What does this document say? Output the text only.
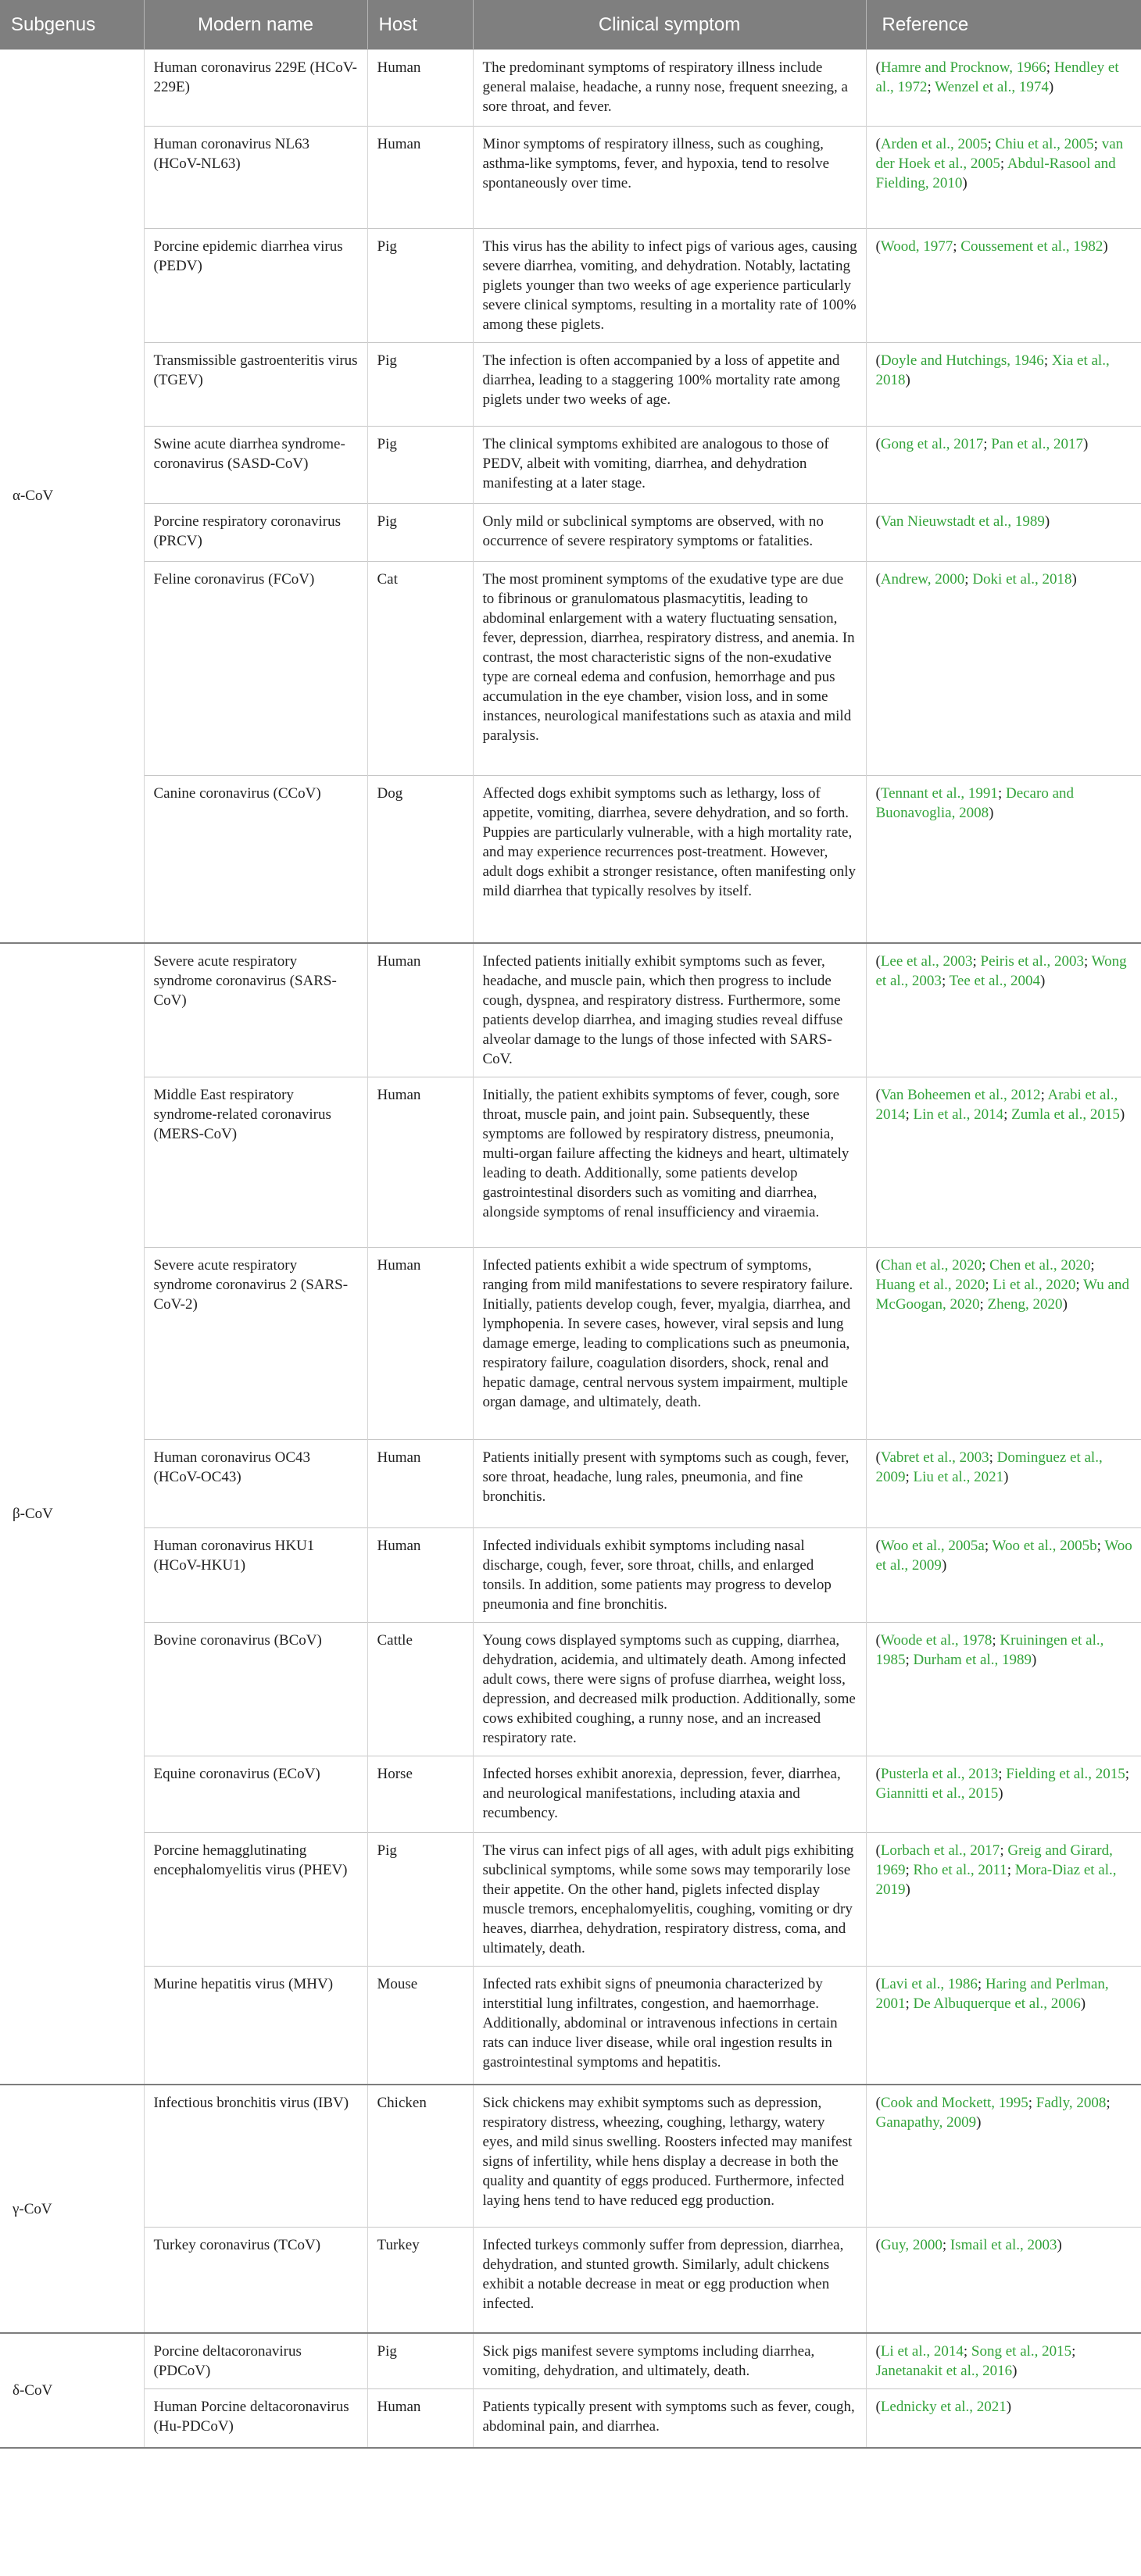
Subgenus	Modern name	Host	Clinical symptom	Reference
α-CoV	Human coronavirus 229E (HCoV-229E)	Human	The predominant symptoms of respiratory illness include general malaise, headache, a runny nose, frequent sneezing, a sore throat, and fever.	(Hamre and Procknow, 1966; Hendley et al., 1972; Wenzel et al., 1974)
	Human coronavirus NL63 (HCoV-NL63)	Human	Minor symptoms of respiratory illness, such as coughing, asthma-like symptoms, fever, and hypoxia, tend to resolve spontaneously over time.	(Arden et al., 2005; Chiu et al., 2005; van der Hoek et al., 2005; Abdul-Rasool and Fielding, 2010)
	Porcine epidemic diarrhea virus (PEDV)	Pig	This virus has the ability to infect pigs of various ages, causing severe diarrhea, vomiting, and dehydration. Notably, lactating piglets younger than two weeks of age experience particularly severe clinical symptoms, resulting in a mortality rate of 100% among these piglets.	(Wood, 1977; Coussement et al., 1982)
	Transmissible gastroenteritis virus (TGEV)	Pig	The infection is often accompanied by a loss of appetite and diarrhea, leading to a staggering 100% mortality rate among piglets under two weeks of age.	(Doyle and Hutchings, 1946; Xia et al., 2018)
	Swine acute diarrhea syndrome-coronavirus (SASD-CoV)	Pig	The clinical symptoms exhibited are analogous to those of PEDV, albeit with vomiting, diarrhea, and dehydration manifesting at a later stage.	(Gong et al., 2017; Pan et al., 2017)
	Porcine respiratory coronavirus (PRCV)	Pig	Only mild or subclinical symptoms are observed, with no occurrence of severe respiratory symptoms or fatalities.	(Van Nieuwstadt et al., 1989)
	Feline coronavirus (FCoV)	Cat	The most prominent symptoms of the exudative type are due to fibrinous or granulomatous plasmacytitis, leading to abdominal enlargement with a watery fluctuating sensation, fever, depression, diarrhea, respiratory distress, and anemia. In contrast, the most characteristic signs of the non-exudative type are corneal edema and confusion, hemorrhage and pus accumulation in the eye chamber, vision loss, and in some instances, neurological manifestations such as ataxia and mild paralysis.	(Andrew, 2000; Doki et al., 2018)
	Canine coronavirus (CCoV)	Dog	Affected dogs exhibit symptoms such as lethargy, loss of appetite, vomiting, diarrhea, severe dehydration, and so forth. Puppies are particularly vulnerable, with a high mortality rate, and may experience recurrences post-treatment. However, adult dogs exhibit a stronger resistance, often manifesting only mild diarrhea that typically resolves by itself.	(Tennant et al., 1991; Decaro and Buonavoglia, 2008)
β-CoV	Severe acute respiratory syndrome coronavirus (SARS-CoV)	Human	Infected patients initially exhibit symptoms such as fever, headache, and muscle pain, which then progress to include cough, dyspnea, and respiratory distress. Furthermore, some patients develop diarrhea, and imaging studies reveal diffuse alveolar damage to the lungs of those infected with SARS-CoV.	(Lee et al., 2003; Peiris et al., 2003; Wong et al., 2003; Tee et al., 2004)
	Middle East respiratory syndrome-related coronavirus (MERS-CoV)	Human	Initially, the patient exhibits symptoms of fever, cough, sore throat, muscle pain, and joint pain. Subsequently, these symptoms are followed by respiratory distress, pneumonia, multi-organ failure affecting the kidneys and heart, ultimately leading to death. Additionally, some patients develop gastrointestinal disorders such as vomiting and diarrhea, alongside symptoms of renal insufficiency and viraemia.	(Van Boheemen et al., 2012; Arabi et al., 2014; Lin et al., 2014; Zumla et al., 2015)
	Severe acute respiratory syndrome coronavirus 2 (SARS-CoV-2)	Human	Infected patients exhibit a wide spectrum of symptoms, ranging from mild manifestations to severe respiratory failure. Initially, patients develop cough, fever, myalgia, diarrhea, and lymphopenia. In severe cases, however, viral sepsis and lung damage emerge, leading to complications such as pneumonia, respiratory failure, coagulation disorders, shock, renal and hepatic damage, central nervous system impairment, multiple organ damage, and ultimately, death.	(Chan et al., 2020; Chen et al., 2020; Huang et al., 2020; Li et al., 2020; Wu and McGoogan, 2020; Zheng, 2020)
	Human coronavirus OC43 (HCoV-OC43)	Human	Patients initially present with symptoms such as cough, fever, sore throat, headache, lung rales, pneumonia, and fine bronchitis.	(Vabret et al., 2003; Dominguez et al., 2009; Liu et al., 2021)
	Human coronavirus HKU1 (HCoV-HKU1)	Human	Infected individuals exhibit symptoms including nasal discharge, cough, fever, sore throat, chills, and enlarged tonsils. In addition, some patients may progress to develop pneumonia and fine bronchitis.	(Woo et al., 2005a; Woo et al., 2005b; Woo et al., 2009)
	Bovine coronavirus (BCoV)	Cattle	Young cows displayed symptoms such as cupping, diarrhea, dehydration, acidemia, and ultimately death. Among infected adult cows, there were signs of profuse diarrhea, weight loss, depression, and decreased milk production. Additionally, some cows exhibited coughing, a runny nose, and an increased respiratory rate.	(Woode et al., 1978; Kruiningen et al., 1985; Durham et al., 1989)
	Equine coronavirus (ECoV)	Horse	Infected horses exhibit anorexia, depression, fever, diarrhea, and neurological manifestations, including ataxia and recumbency.	(Pusterla et al., 2013; Fielding et al., 2015; Giannitti et al., 2015)
	Porcine hemagglutinating encephalomyelitis virus (PHEV)	Pig	The virus can infect pigs of all ages, with adult pigs exhibiting subclinical symptoms, while some sows may temporarily lose their appetite. On the other hand, piglets infected display muscle tremors, encephalomyelitis, coughing, vomiting or dry heaves, diarrhea, dehydration, respiratory distress, coma, and ultimately, death.	(Lorbach et al., 2017; Greig and Girard, 1969; Rho et al., 2011; Mora-Diaz et al., 2019)
	Murine hepatitis virus (MHV)	Mouse	Infected rats exhibit signs of pneumonia characterized by interstitial lung infiltrates, congestion, and haemorrhage. Additionally, abdominal or intravenous infections in certain rats can induce liver disease, while oral ingestion results in gastrointestinal symptoms and hepatitis.	(Lavi et al., 1986; Haring and Perlman, 2001; De Albuquerque et al., 2006)
γ-CoV	Infectious bronchitis virus (IBV)	Chicken	Sick chickens may exhibit symptoms such as depression, respiratory distress, wheezing, coughing, lethargy, watery eyes, and mild sinus swelling. Roosters infected may manifest signs of infertility, while hens display a decrease in both the quality and quantity of eggs produced. Furthermore, infected laying hens tend to have reduced egg production.	(Cook and Mockett, 1995; Fadly, 2008; Ganapathy, 2009)
	Turkey coronavirus (TCoV)	Turkey	Infected turkeys commonly suffer from depression, diarrhea, dehydration, and stunted growth. Similarly, adult chickens exhibit a notable decrease in meat or egg production when infected.	(Guy, 2000; Ismail et al., 2003)
δ-CoV	Porcine deltacoronavirus (PDCoV)	Pig	Sick pigs manifest severe symptoms including diarrhea, vomiting, dehydration, and ultimately, death.	(Li et al., 2014; Song et al., 2015; Janetanakit et al., 2016)
	Human Porcine deltacoronavirus (Hu-PDCoV)	Human	Patients typically present with symptoms such as fever, cough, abdominal pain, and diarrhea.	(Lednicky et al., 2021)
